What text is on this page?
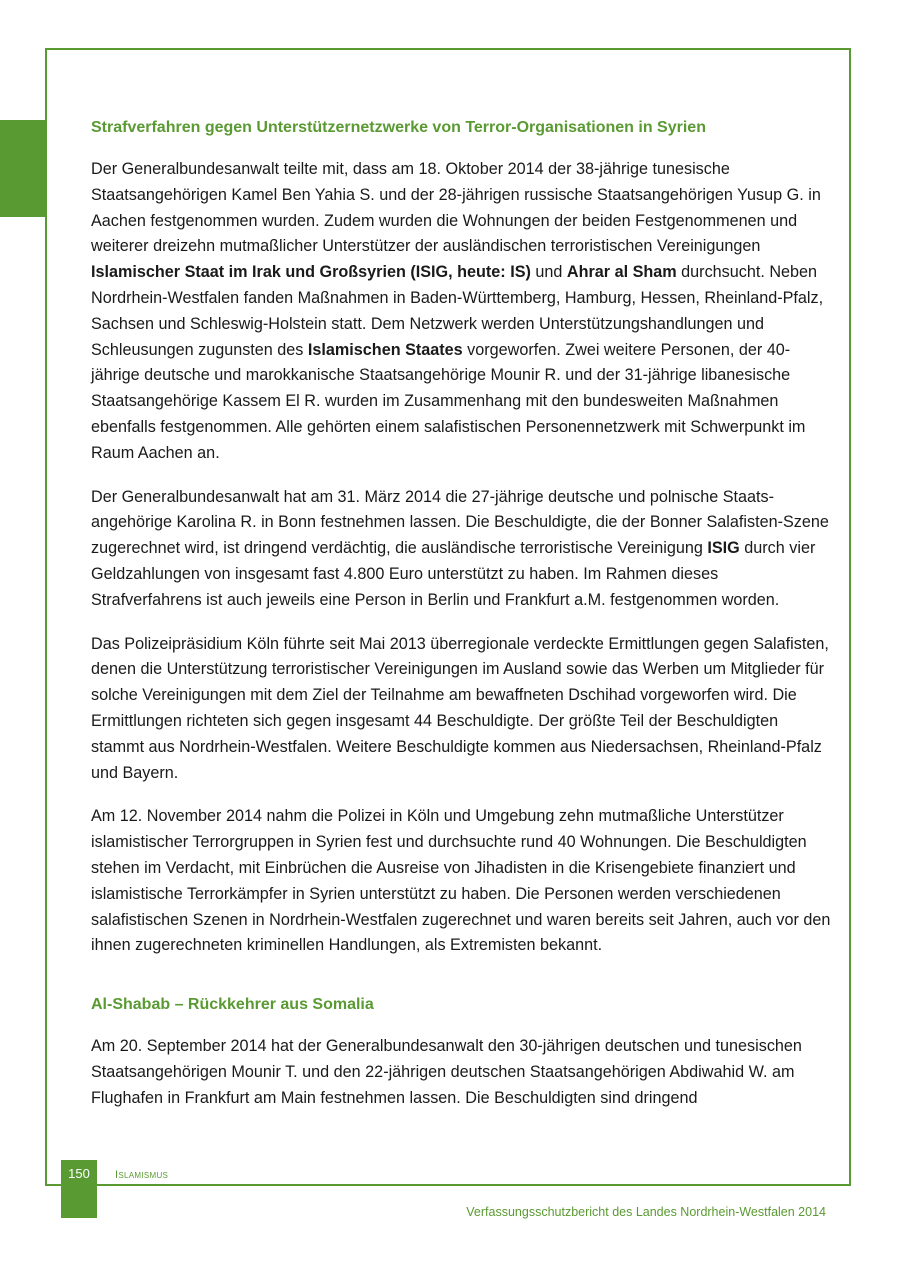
Strafverfahren gegen Unterstützernetzwerke von Terror-Organisationen in Syrien

Der Generalbundesanwalt teilte mit, dass am 18. Oktober 2014 der 38-jährige tunesische Staatsangehörigen Kamel Ben Yahia S. und der 28-jährigen russische Staatsangehörigen Yusup G. in Aachen festgenommen wurden. Zudem wurden die Wohnungen der beiden Festgenommenen und weiterer dreizehn mutmaßlicher Unterstützer der ausländischen terroristischen Vereinigungen Islamischer Staat im Irak und Großsyrien (ISIG, heute: IS) und Ahrar al Sham durchsucht. Neben Nordrhein-Westfalen fanden Maßnahmen in Baden-Württemberg, Hamburg, Hessen, Rheinland-Pfalz, Sachsen und Schleswig-Holstein statt. Dem Netzwerk werden Unterstützungshandlungen und Schleusungen zugunsten des Islamischen Staates vorgeworfen. Zwei weitere Personen, der 40-jährige deutsche und marokkanische Staatsangehörige Mounir R. und der 31-jährige libanesische Staatsangehörige Kassem El R. wurden im Zusammenhang mit den bundesweiten Maßnahmen ebenfalls festgenommen. Alle gehörten einem salafistischen Personennetzwerk mit Schwerpunkt im Raum Aachen an.

Der Generalbundesanwalt hat am 31. März 2014 die 27-jährige deutsche und polnische Staatsangehörige Karolina R. in Bonn festnehmen lassen. Die Beschuldigte, die der Bonner Salafisten-Szene zugerechnet wird, ist dringend verdächtig, die ausländische terroristische Vereinigung ISIG durch vier Geldzahlungen von insgesamt fast 4.800 Euro unterstützt zu haben. Im Rahmen dieses Strafverfahrens ist auch jeweils eine Person in Berlin und Frankfurt a.M. festgenommen worden.

Das Polizeipräsidium Köln führte seit Mai 2013 überregionale verdeckte Ermittlungen gegen Salafisten, denen die Unterstützung terroristischer Vereinigungen im Ausland sowie das Werben um Mitglieder für solche Vereinigungen mit dem Ziel der Teilnahme am bewaffneten Dschihad vorgeworfen wird. Die Ermittlungen richteten sich gegen insgesamt 44 Beschuldigte. Der größte Teil der Beschuldigten stammt aus Nordrhein-Westfalen. Weitere Beschuldigte kommen aus Niedersachsen, Rheinland-Pfalz und Bayern.

Am 12. November 2014 nahm die Polizei in Köln und Umgebung zehn mutmaßliche Unterstützer islamistischer Terrorgruppen in Syrien fest und durchsuchte rund 40 Wohnungen. Die Beschuldigten stehen im Verdacht, mit Einbrüchen die Ausreise von Jihadisten in die Krisengebiete finanziert und islamistische Terrorkämpfer in Syrien unterstützt zu haben. Die Personen werden verschiedenen salafistischen Szenen in Nordrhein-Westfalen zugerechnet und waren bereits seit Jahren, auch vor den ihnen zugerechneten kriminellen Handlungen, als Extremisten bekannt.

Al-Shabab – Rückkehrer aus Somalia

Am 20. September 2014 hat der Generalbundesanwalt den 30-jährigen deutschen und tunesischen Staatsangehörigen Mounir T. und den 22-jährigen deutschen Staatsangehörigen Abdiwahid W. am Flughafen in Frankfurt am Main festnehmen lassen. Die Beschuldigten sind dringend

150	Islamismus
Verfassungsschutzbericht des Landes Nordrhein-Westfalen 2014
